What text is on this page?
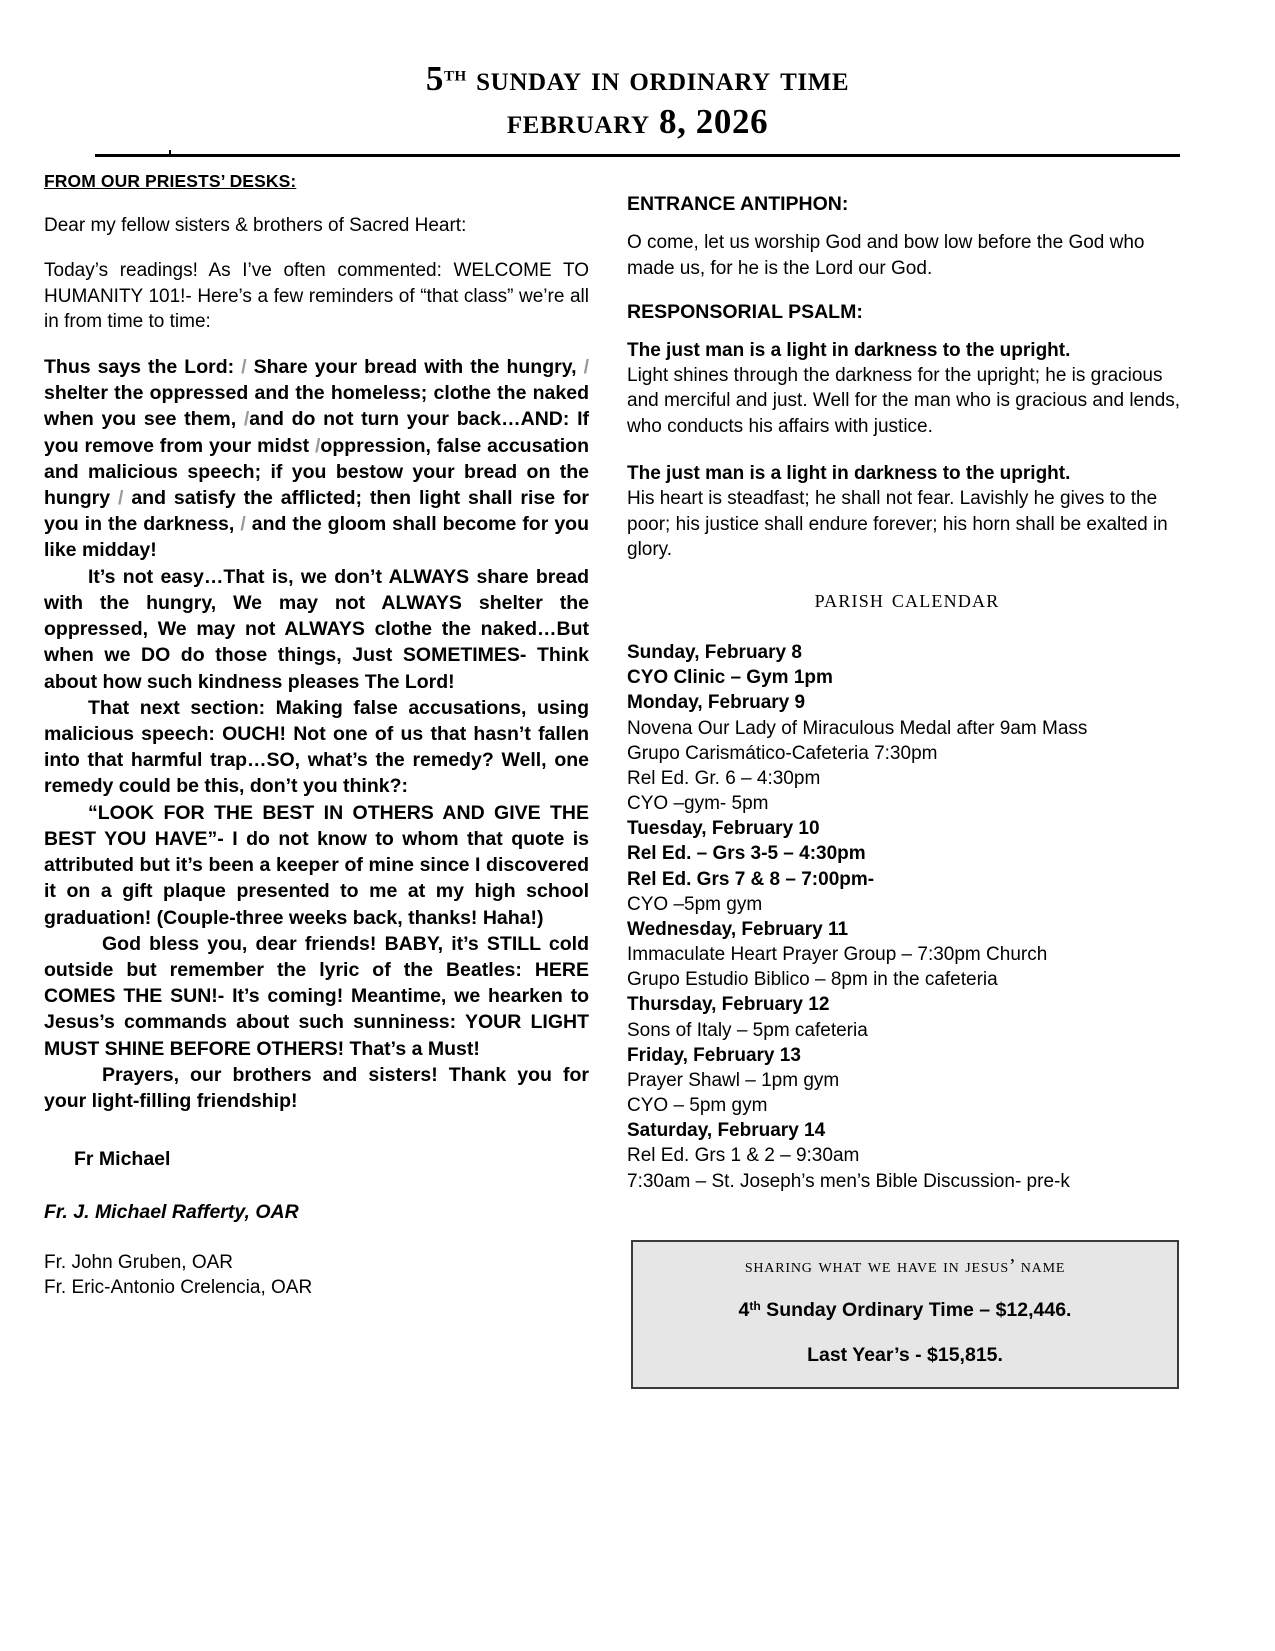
5th sunday in ordinary time
february 8, 2026
FROM OUR PRIESTS’ DESKS:

Dear my fellow sisters & brothers of Sacred Heart:

Today’s readings! As I’ve often commented: WELCOME TO HUMANITY 101!- Here’s a few reminders of “that class” we’re all in from time to time:

Thus says the Lord: / Share your bread with the hungry, / shelter the oppressed and the homeless; clothe the naked when you see them, /and do not turn your back…AND: If you remove from your midst /oppression, false accusation and malicious speech; if you bestow your bread on the hungry / and satisfy the afflicted; then light shall rise for you in the darkness, / and the gloom shall become for you like midday!

It’s not easy…That is, we don’t ALWAYS share bread with the hungry, We may not ALWAYS shelter the oppressed, We may not ALWAYS clothe the naked…But when we DO do those things, Just SOMETIMES- Think about how such kindness pleases The Lord!

That next section: Making false accusations, using malicious speech: OUCH! Not one of us that hasn’t fallen into that harmful trap…SO, what’s the remedy? Well, one remedy could be this, don’t you think?:

“LOOK FOR THE BEST IN OTHERS AND GIVE THE BEST YOU HAVE”- I do not know to whom that quote is attributed but it’s been a keeper of mine since I discovered it on a gift plaque presented to me at my high school graduation! (Couple-three weeks back, thanks! Haha!)

God bless you, dear friends! BABY, it’s STILL cold outside but remember the lyric of the Beatles: HERE COMES THE SUN!- It’s coming! Meantime, we hearken to Jesus’s commands about such sunniness: YOUR LIGHT MUST SHINE BEFORE OTHERS! That’s a Must!

Prayers, our brothers and sisters! Thank you for your light-filling friendship!

Fr Michael
Fr. J. Michael Rafferty, OAR
Fr. John Gruben, OAR
Fr. Eric-Antonio Crelencia, OAR
ENTRANCE ANTIPHON:

O come, let us worship God and bow low before the God who made us, for he is the Lord our God.

RESPONSORIAL PSALM:
The just man is a light in darkness to the upright.
Light shines through the darkness for the upright; he is gracious and merciful and just. Well for the man who is gracious and lends, who conducts his affairs with justice.
The just man is a light in darkness to the upright.
His heart is steadfast; he shall not fear. Lavishly he gives to the poor; his justice shall endure forever; his horn shall be exalted in glory.
parish calendar
Sunday, February 8
CYO Clinic – Gym 1pm
Monday, February 9
Novena Our Lady of Miraculous Medal after 9am Mass
Grupo Carismático-Cafeteria 7:30pm
Rel Ed. Gr. 6 – 4:30pm
CYO –gym- 5pm
Tuesday, February 10
Rel Ed. – Grs 3-5 – 4:30pm
Rel Ed. Grs 7 & 8 – 7:00pm-
CYO –5pm gym
Wednesday, February 11
Immaculate Heart Prayer Group – 7:30pm Church
Grupo Estudio Biblico – 8pm in the cafeteria
Thursday, February 12
Sons of Italy – 5pm cafeteria
Friday, February 13
Prayer Shawl – 1pm gym
CYO – 5pm gym
Saturday, February 14
Rel Ed. Grs 1 & 2 – 9:30am
7:30am – St. Joseph’s men’s Bible Discussion- pre-k
sharing what we have in jesus’ name
4th Sunday Ordinary Time – $12,446.
Last Year’s - $15,815.
